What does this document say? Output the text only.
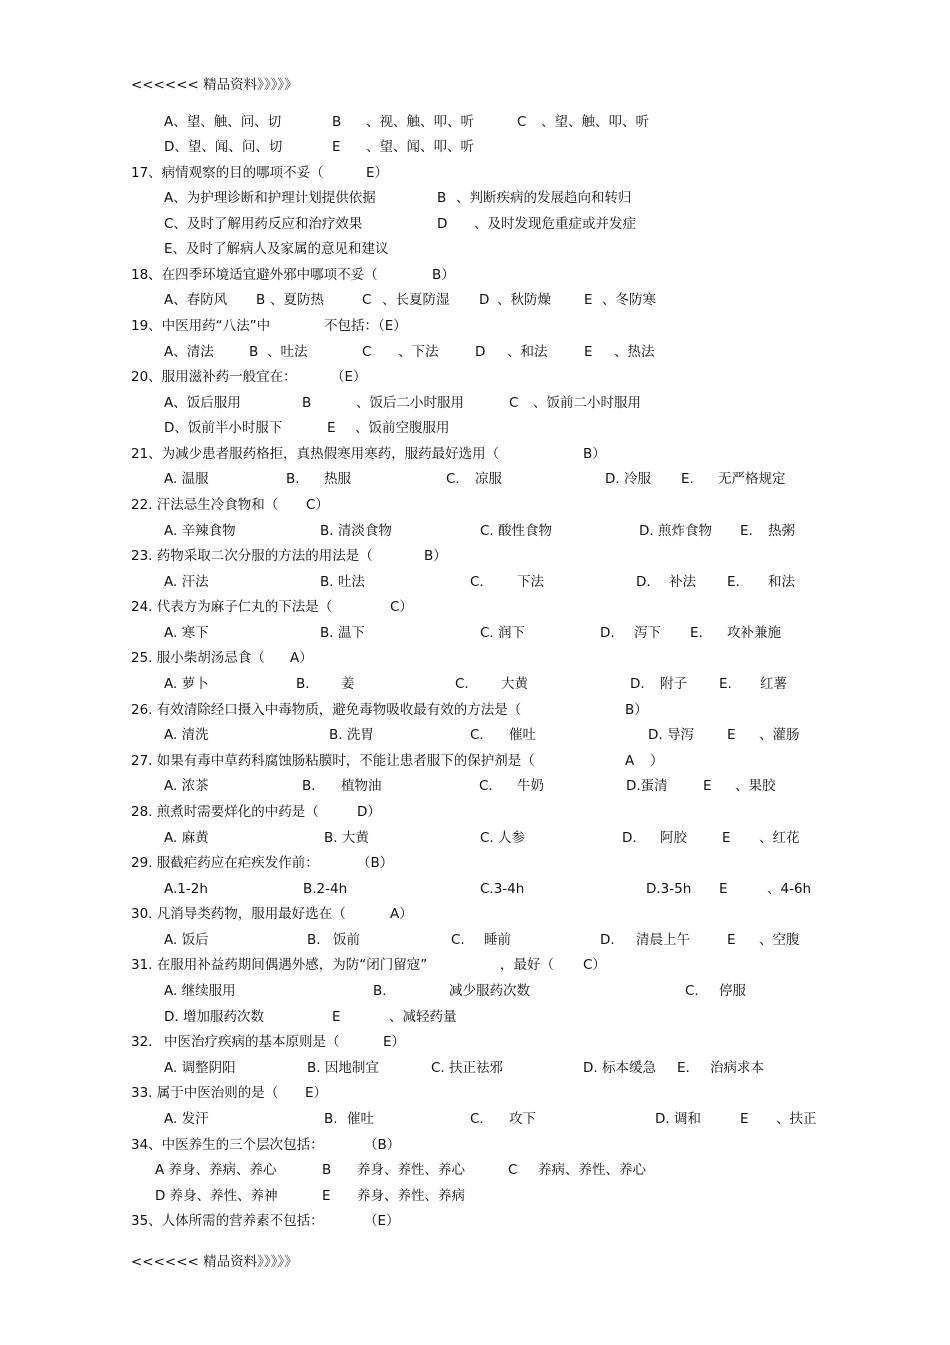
<<<<<< 精品资料》》》》》
A、望、触、问、切	B 、视、触、叩、听	C 、望、触、叩、听
D、望、闻、问、切	E 、望、闻、叩、听
17、病情观察的目的哪项不妥（	E）
A、为护理诊断和护理计划提供依据	B 、判断疾病的发展趋向和转归
C、及时了解用药反应和治疗效果	D 、及时发现危重症或并发症
E、及时了解病人及家属的意见和建议
18、在四季环境适宜避外邪中哪项不妥（	B）
A、春防风 B 、夏防热	C 、长夏防湿 D 、秋防燥 E 、冬防寒
19、中医用药“八法”中	不包括：（E）
A、清法	B 、吐法	C 、下法	D 、和法	E 、热法
20、服用滋补药一般宜在：	（E）
A、饭后服用	B	、饭后二小时服用	C 、饭前二小时服用
D、饭前半小时服下	E 、饭前空腹服用
21、为减少患者服药格拒，真热假寒用寒药，服药最好选用（	B）
A. 温服	B. 热服	C. 凉服	D. 冷服 E. 无严格规定
22. 汗法忌生冷食物和（ C）
A. 辛辣食物	B. 清淡食物	C. 酸性食物	D. 煎炸食物 E. 热粥
23. 药物采取二次分服的方法的用法是（	B）
A. 汗法	B. 吐法	C. 下法	D. 补法 E. 和法
24. 代表方为麻子仁丸的下法是（	C）
A. 寒下	B. 温下	C. 润下	D. 泻下 E. 攻补兼施
25. 服小柴胡汤忌食（ A）
A. 萝卜	B. 姜	C. 大黄	D. 附子 E. 红薯
26. 有效清除经口摄入中毒物质，避免毒物吸收最有效的方法是（	B）
A. 清洗	B. 洗胃	C. 催吐	D. 导泻 E 、灌肠
27. 如果有毒中草药科腐蚀肠粘膜时，不能让患者服下的保护剂是（	A ）
A. 浓茶	B. 植物油	C. 牛奶	D.蛋清	E 、果胶
28. 煎煮时需要烊化的中药是（	D）
A. 麻黄	B. 大黄	C. 人参	D. 阿胶	E 、红花
29. 服截疟药应在疟疾发作前：	（B）
A.1-2h	B.2-4h	C.3-4h	D.3-5h E	、4-6h
30. 凡消导类药物，服用最好选在（	A）
A. 饭后	B. 饭前	C. 睡前	D. 清晨上午	E 、空腹
31. 在服用补益药期间偶遇外感，为防“闭门留寇”	，最好（ C）
A. 继续服用	B.	减少服药次数	C. 停服
D. 增加服药次数	E	、减轻药量
32. 中医治疗疾病的基本原则是（	E）
A. 调整阴阳	B. 因地制宜	C. 扶正祛邪	D. 标本缓急 E. 治病求本
33. 属于中医治则的是（ E）
A. 发汗	B. 催吐	C. 攻下	D. 调和	E 、扶正
34、中医养生的三个层次包括：	（B）
A 养身、养病、养心	B 养身、养性、养心	C 养病、养性、养心
D 养身、养性、养神	E 养身、养性、养病
35、人体所需的营养素不包括：	（E）
<<<<<< 精品资料》》》》》
